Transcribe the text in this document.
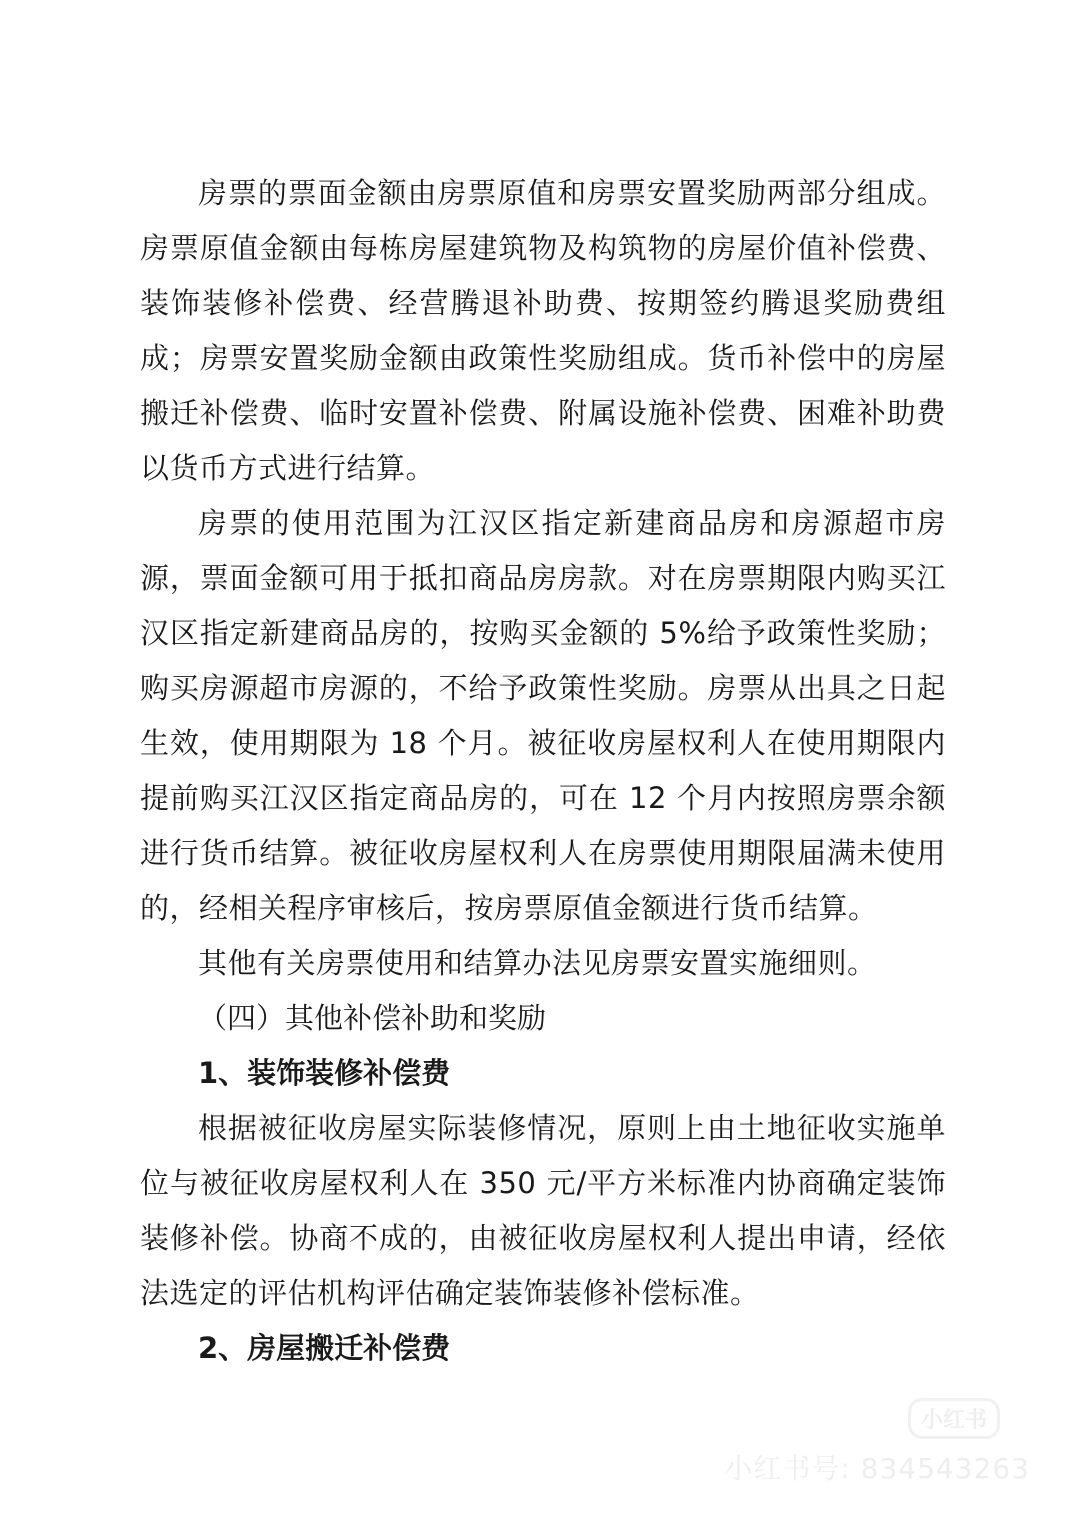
房票的票面金额由房票原值和房票安置奖励两部分组成。房票原值金额由每栋房屋建筑物及构筑物的房屋价值补偿费、装饰装修补偿费、经营腾退补助费、按期签约腾退奖励费组成；房票安置奖励金额由政策性奖励组成。货币补偿中的房屋搬迁补偿费、临时安置补偿费、附属设施补偿费、困难补助费以货币方式进行结算。

房票的使用范围为江汉区指定新建商品房和房源超市房源，票面金额可用于抵扣商品房房款。对在房票期限内购买江汉区指定新建商品房的，按购买金额的 5%给予政策性奖励；购买房源超市房源的，不给予政策性奖励。房票从出具之日起生效，使用期限为 18 个月。被征收房屋权利人在使用期限内提前购买江汉区指定商品房的，可在 12 个月内按照房票余额进行货币结算。被征收房屋权利人在房票使用期限届满未使用的，经相关程序审核后，按房票原值金额进行货币结算。

其他有关房票使用和结算办法见房票安置实施细则。

（四）其他补偿补助和奖励

1、装饰装修补偿费

根据被征收房屋实际装修情况，原则上由土地征收实施单位与被征收房屋权利人在 350 元/平方米标准内协商确定装饰装修补偿。协商不成的，由被征收房屋权利人提出申请，经依法选定的评估机构评估确定装饰装修补偿标准。

2、房屋搬迁补偿费

小红书
小红书号: 834543263
